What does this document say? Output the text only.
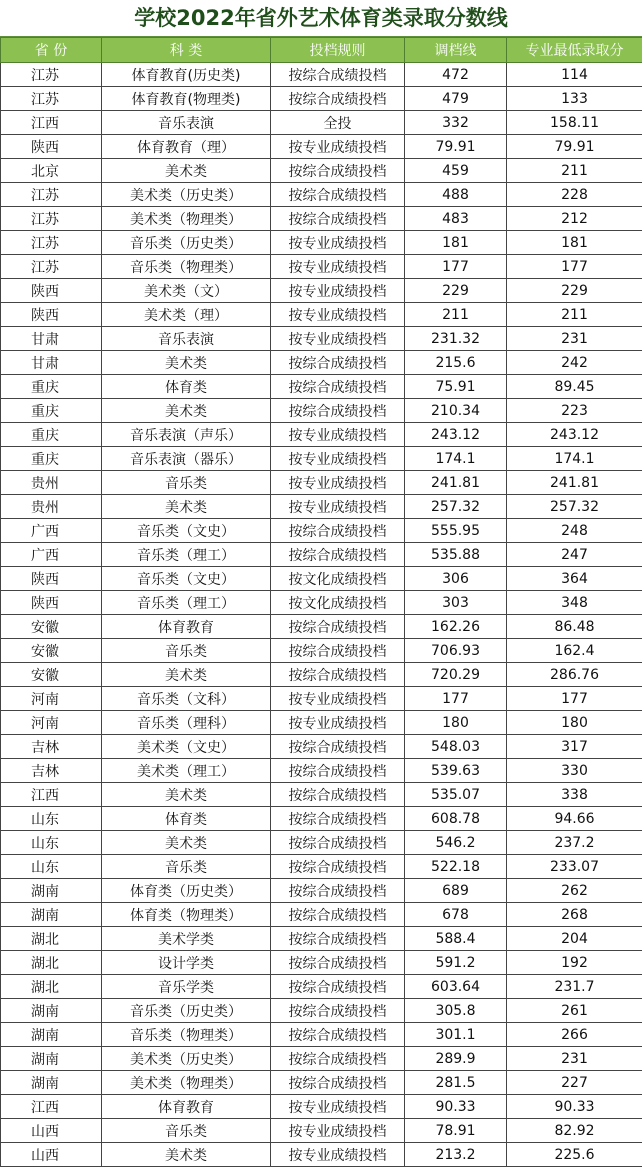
学校2022年省外艺术体育类录取分数线
省 份	科 类	投档规则	调档线	专业最低录取分
江苏	体育教育(历史类)	按综合成绩投档	472	114
江苏	体育教育(物理类)	按综合成绩投档	479	133
江西	音乐表演	全投	332	158.11
陕西	体育教育（理）	按专业成绩投档	79.91	79.91
北京	美术类	按综合成绩投档	459	211
江苏	美术类（历史类）	按综合成绩投档	488	228
江苏	美术类（物理类）	按综合成绩投档	483	212
江苏	音乐类（历史类）	按专业成绩投档	181	181
江苏	音乐类（物理类）	按专业成绩投档	177	177
陕西	美术类（文）	按专业成绩投档	229	229
陕西	美术类（理）	按专业成绩投档	211	211
甘肃	音乐表演	按专业成绩投档	231.32	231
甘肃	美术类	按综合成绩投档	215.6	242
重庆	体育类	按综合成绩投档	75.91	89.45
重庆	美术类	按综合成绩投档	210.34	223
重庆	音乐表演（声乐）	按专业成绩投档	243.12	243.12
重庆	音乐表演（器乐）	按专业成绩投档	174.1	174.1
贵州	音乐类	按专业成绩投档	241.81	241.81
贵州	美术类	按专业成绩投档	257.32	257.32
广西	音乐类（文史）	按综合成绩投档	555.95	248
广西	音乐类（理工）	按综合成绩投档	535.88	247
陕西	音乐类（文史）	按文化成绩投档	306	364
陕西	音乐类（理工）	按文化成绩投档	303	348
安徽	体育教育	按综合成绩投档	162.26	86.48
安徽	音乐类	按综合成绩投档	706.93	162.4
安徽	美术类	按综合成绩投档	720.29	286.76
河南	音乐类（文科）	按专业成绩投档	177	177
河南	音乐类（理科）	按专业成绩投档	180	180
吉林	美术类（文史）	按综合成绩投档	548.03	317
吉林	美术类（理工）	按综合成绩投档	539.63	330
江西	美术类	按综合成绩投档	535.07	338
山东	体育类	按综合成绩投档	608.78	94.66
山东	美术类	按综合成绩投档	546.2	237.2
山东	音乐类	按综合成绩投档	522.18	233.07
湖南	体育类（历史类）	按综合成绩投档	689	262
湖南	体育类（物理类）	按综合成绩投档	678	268
湖北	美术学类	按综合成绩投档	588.4	204
湖北	设计学类	按综合成绩投档	591.2	192
湖北	音乐学类	按综合成绩投档	603.64	231.7
湖南	音乐类（历史类）	按综合成绩投档	305.8	261
湖南	音乐类（物理类）	按综合成绩投档	301.1	266
湖南	美术类（历史类）	按综合成绩投档	289.9	231
湖南	美术类（物理类）	按综合成绩投档	281.5	227
江西	体育教育	按专业成绩投档	90.33	90.33
山西	音乐类	按专业成绩投档	78.91	82.92
山西	美术类	按专业成绩投档	213.2	225.6
